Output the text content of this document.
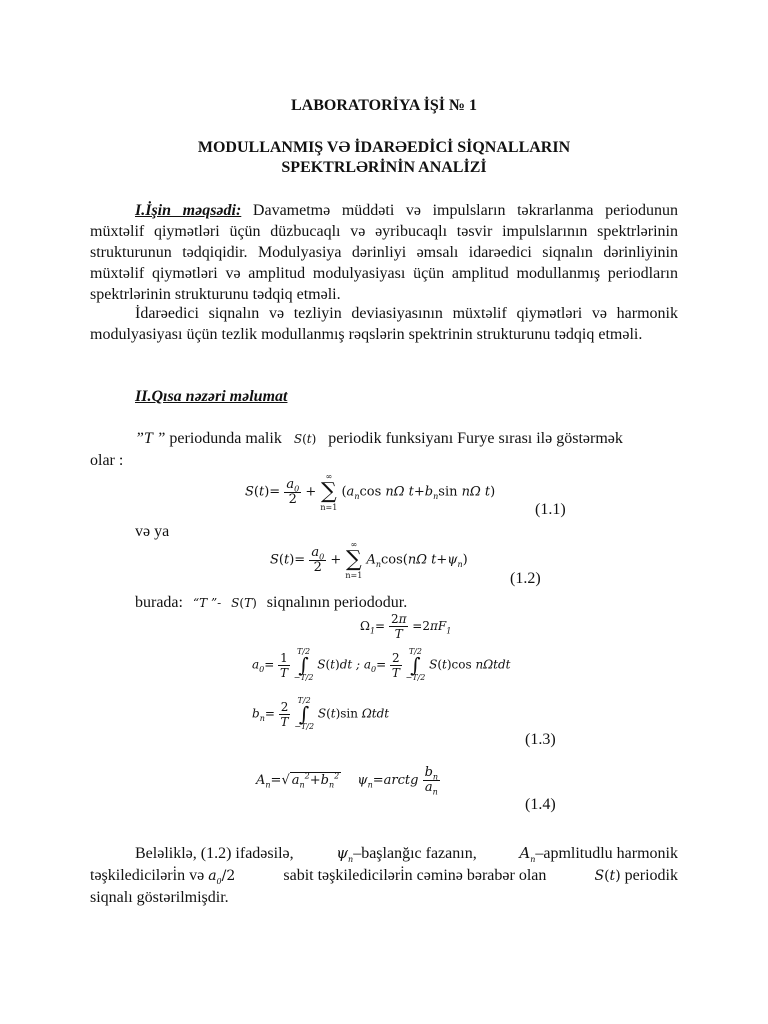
LABORATORİYA İŞİ № 1
MODULLANMIŞ VƏ İDARƏEDİCİ SİQNALLARIN
SPEKTRLƏRİNİN ANALİZİ

I.İşin məqsədi: Davametmə müddəti və impulsların təkrarlanma periodunun müxtəlif qiymətləri üçün düzbucaqlı və əyribucaqlı təsvir impulslarının spektrlərinin strukturunun tədqiqidir. Modulyasiya dərinliyi əmsalı idarəedici siqnalın dərinliyinin müxtəlif qiymətləri və amplitud modulyasiyası üçün amplitud modullanmış periodların spektrlərinin strukturunu tədqiq etməli.

İdarəedici siqnalın və tezliyin deviasiyasının müxtəlif qiymətləri və harmonik modulyasiyası üçün tezlik modullanmış rəqslərin spektrinin strukturunu tədqiq etməli.

II.Qısa nəzəri məlumat
”T ” periodunda malik S(t) periodik funksiyanı Furye sırası ilə göstərmək
olar :
$S(t)= \frac{a_0}{2}$ +
∞
∑
n=1
($a_n\cos$ nΩ $t+b_n\sin$ nΩ t)
(1.1)
və ya
$S(t)= \frac{a_0}{2}$ +
∞
∑
n=1
$A_n\cos(n\Omega$ $t+\psi_n$)
(1.2)
burada: “T ”- S(T) siqnalının periododur.
$\Omega_1= \frac{2\pi}{T} =2\pi F_1$
$a_0= \frac{1}{T}$
T/2
∫
−T/2
S(t)dt ; $a_0= \frac{2}{T}$
T/2
∫
−T/2
S(t)cos nΩtdt
$b_n= \frac{2}{T}$
T/2
∫
−T/2
S(t)sin Ωtdt
(1.3)
$A_n=√$ $a_n^2+b_n^2$ $\psi_n=arctg \frac{b_n}{a_n}$
(1.4)
Beləliklə, (1.2) ifadəsilə,	$\psi_n$–başlanğıc fazanın,	$A_n$–apmlitudlu harmonik
təşkilediciləri̇n və $a_0/2$	sabit təşkilediciləri̇n cəminə bərabər olan	S(t) periodik
siqnalı göstərilmişdir.
